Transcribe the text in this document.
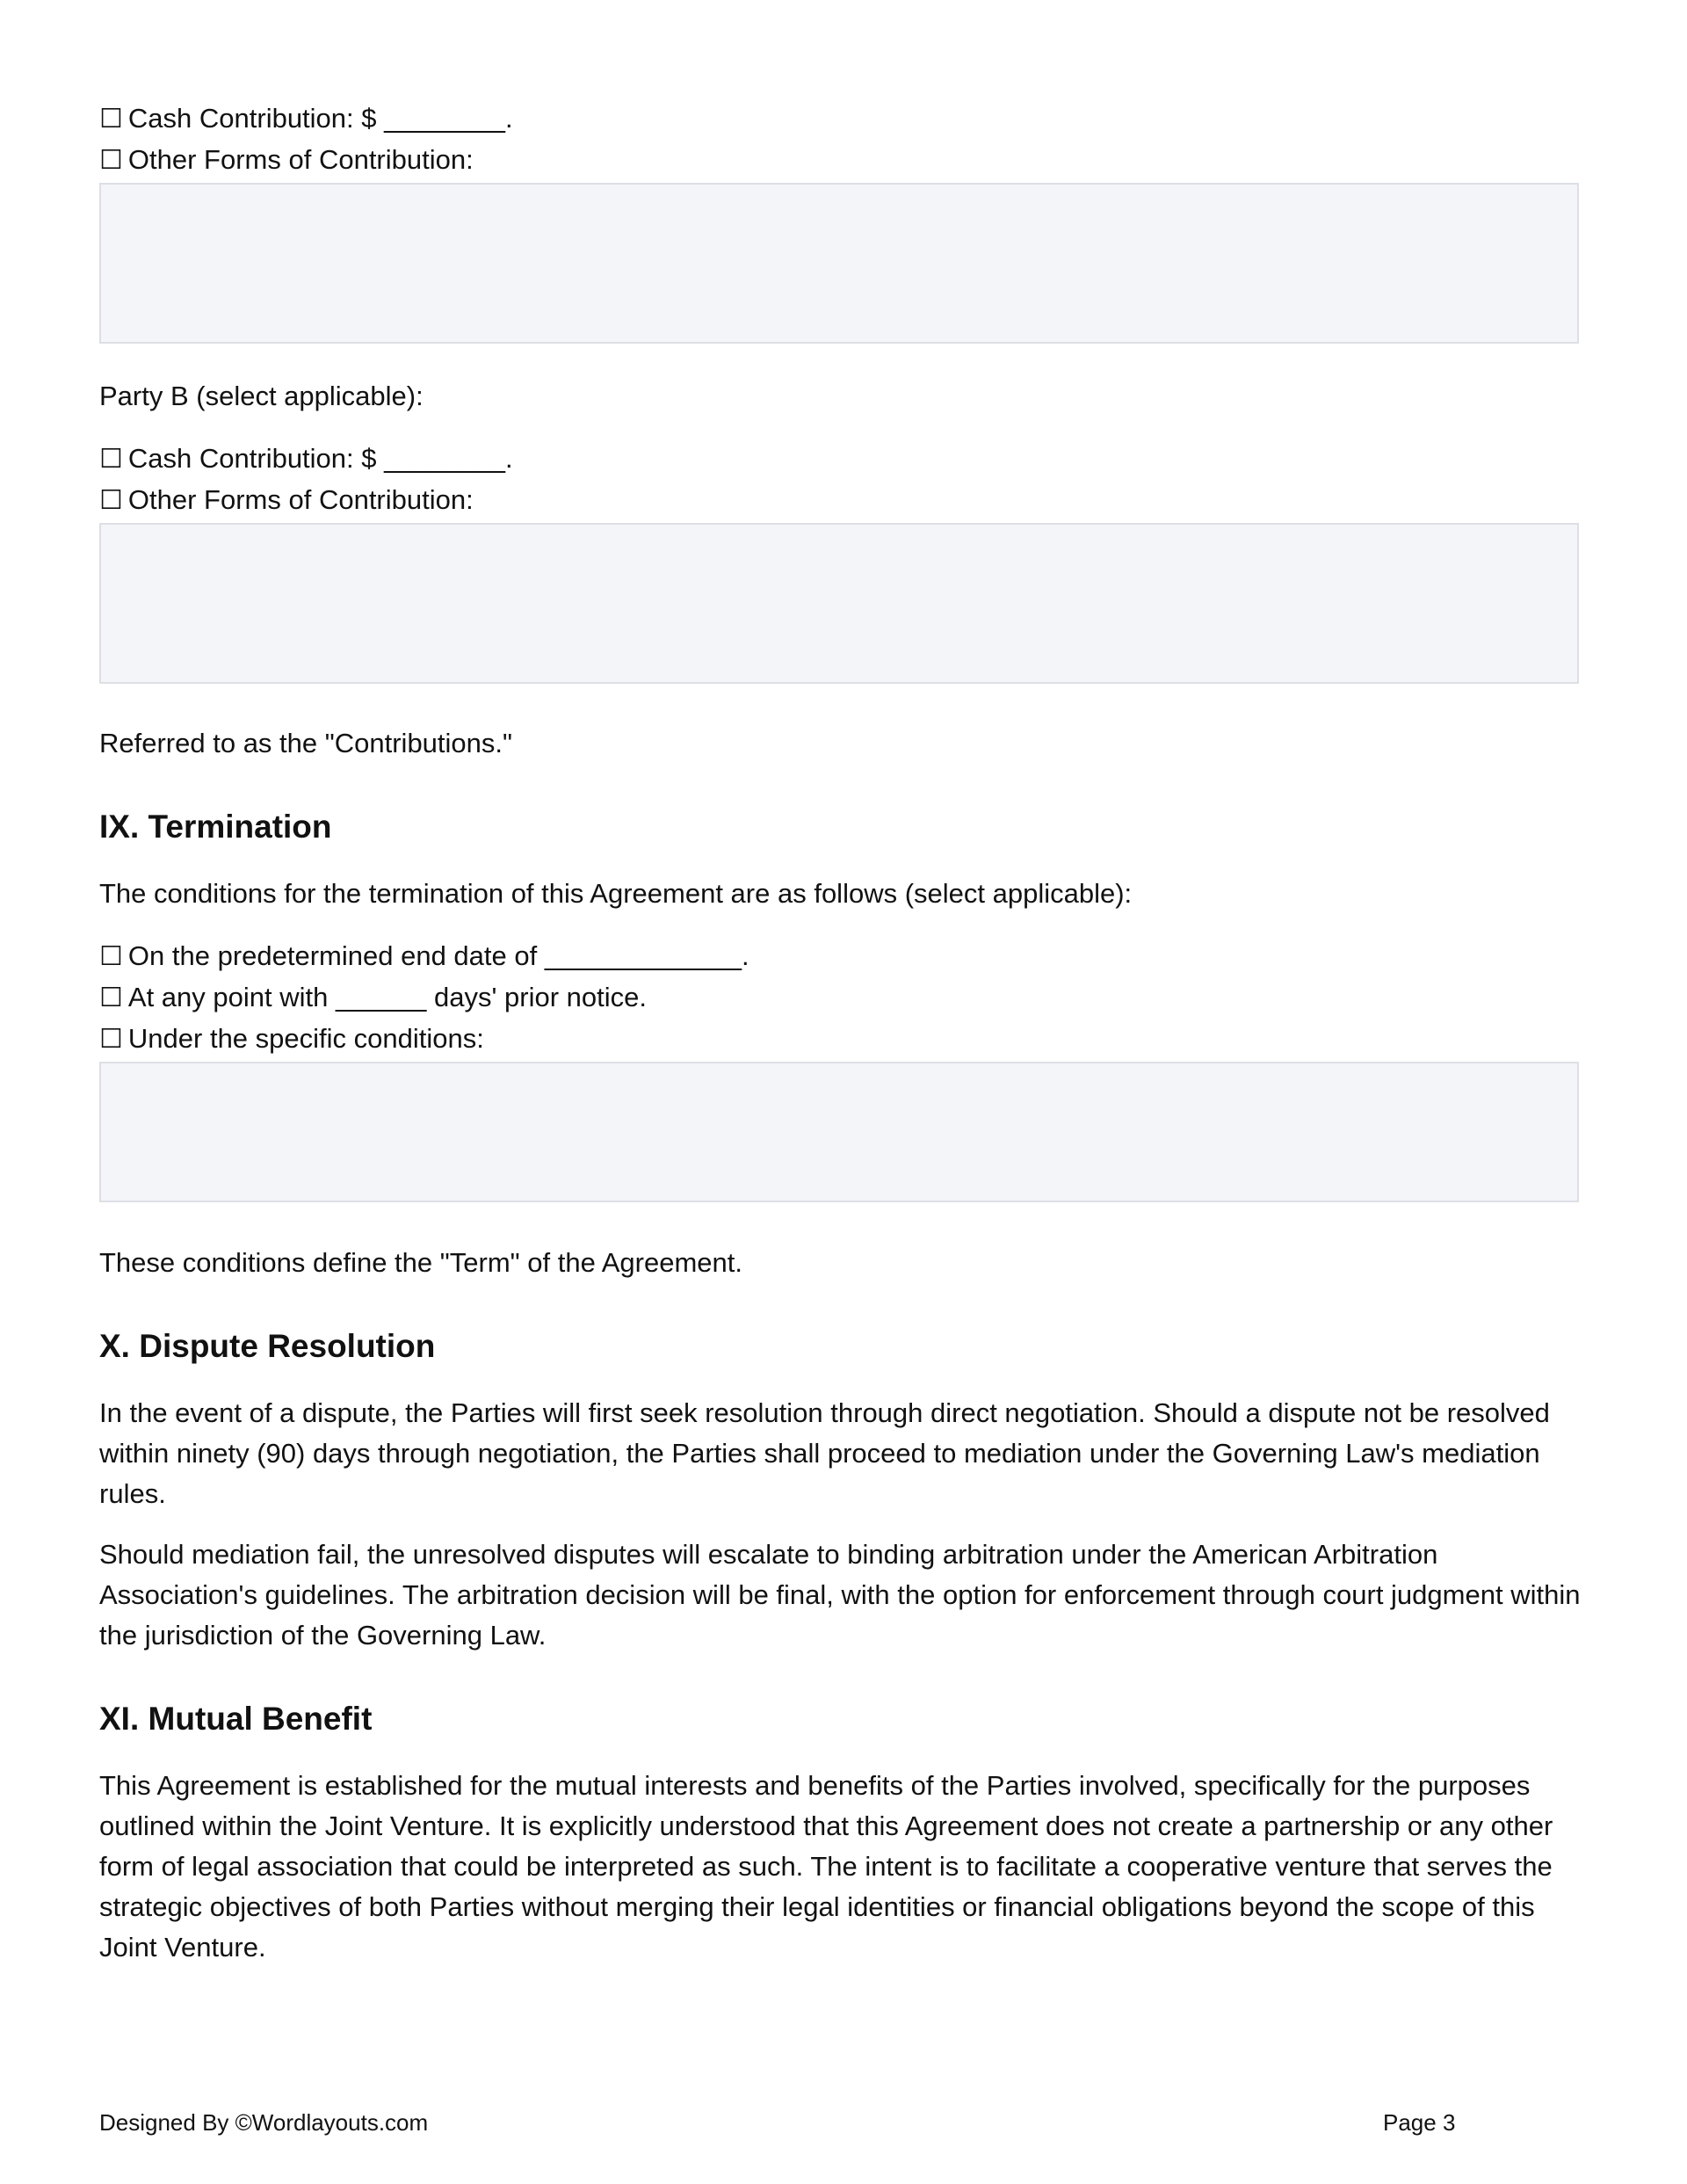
☐ Cash Contribution: $ ________.
☐ Other Forms of Contribution:
Party B (select applicable):
☐ Cash Contribution: $ ________.
☐ Other Forms of Contribution:
Referred to as the "Contributions."
IX. Termination
The conditions for the termination of this Agreement are as follows (select applicable):
☐ On the predetermined end date of _____________.
☐ At any point with ______ days' prior notice.
☐ Under the specific conditions:
These conditions define the "Term" of the Agreement.
X. Dispute Resolution
In the event of a dispute, the Parties will first seek resolution through direct negotiation. Should a dispute not be resolved within ninety (90) days through negotiation, the Parties shall proceed to mediation under the Governing Law's mediation rules.
Should mediation fail, the unresolved disputes will escalate to binding arbitration under the American Arbitration Association's guidelines. The arbitration decision will be final, with the option for enforcement through court judgment within the jurisdiction of the Governing Law.
XI. Mutual Benefit
This Agreement is established for the mutual interests and benefits of the Parties involved, specifically for the purposes outlined within the Joint Venture. It is explicitly understood that this Agreement does not create a partnership or any other form of legal association that could be interpreted as such. The intent is to facilitate a cooperative venture that serves the strategic objectives of both Parties without merging their legal identities or financial obligations beyond the scope of this Joint Venture.
Designed By ©Wordlayouts.com	Page 3
